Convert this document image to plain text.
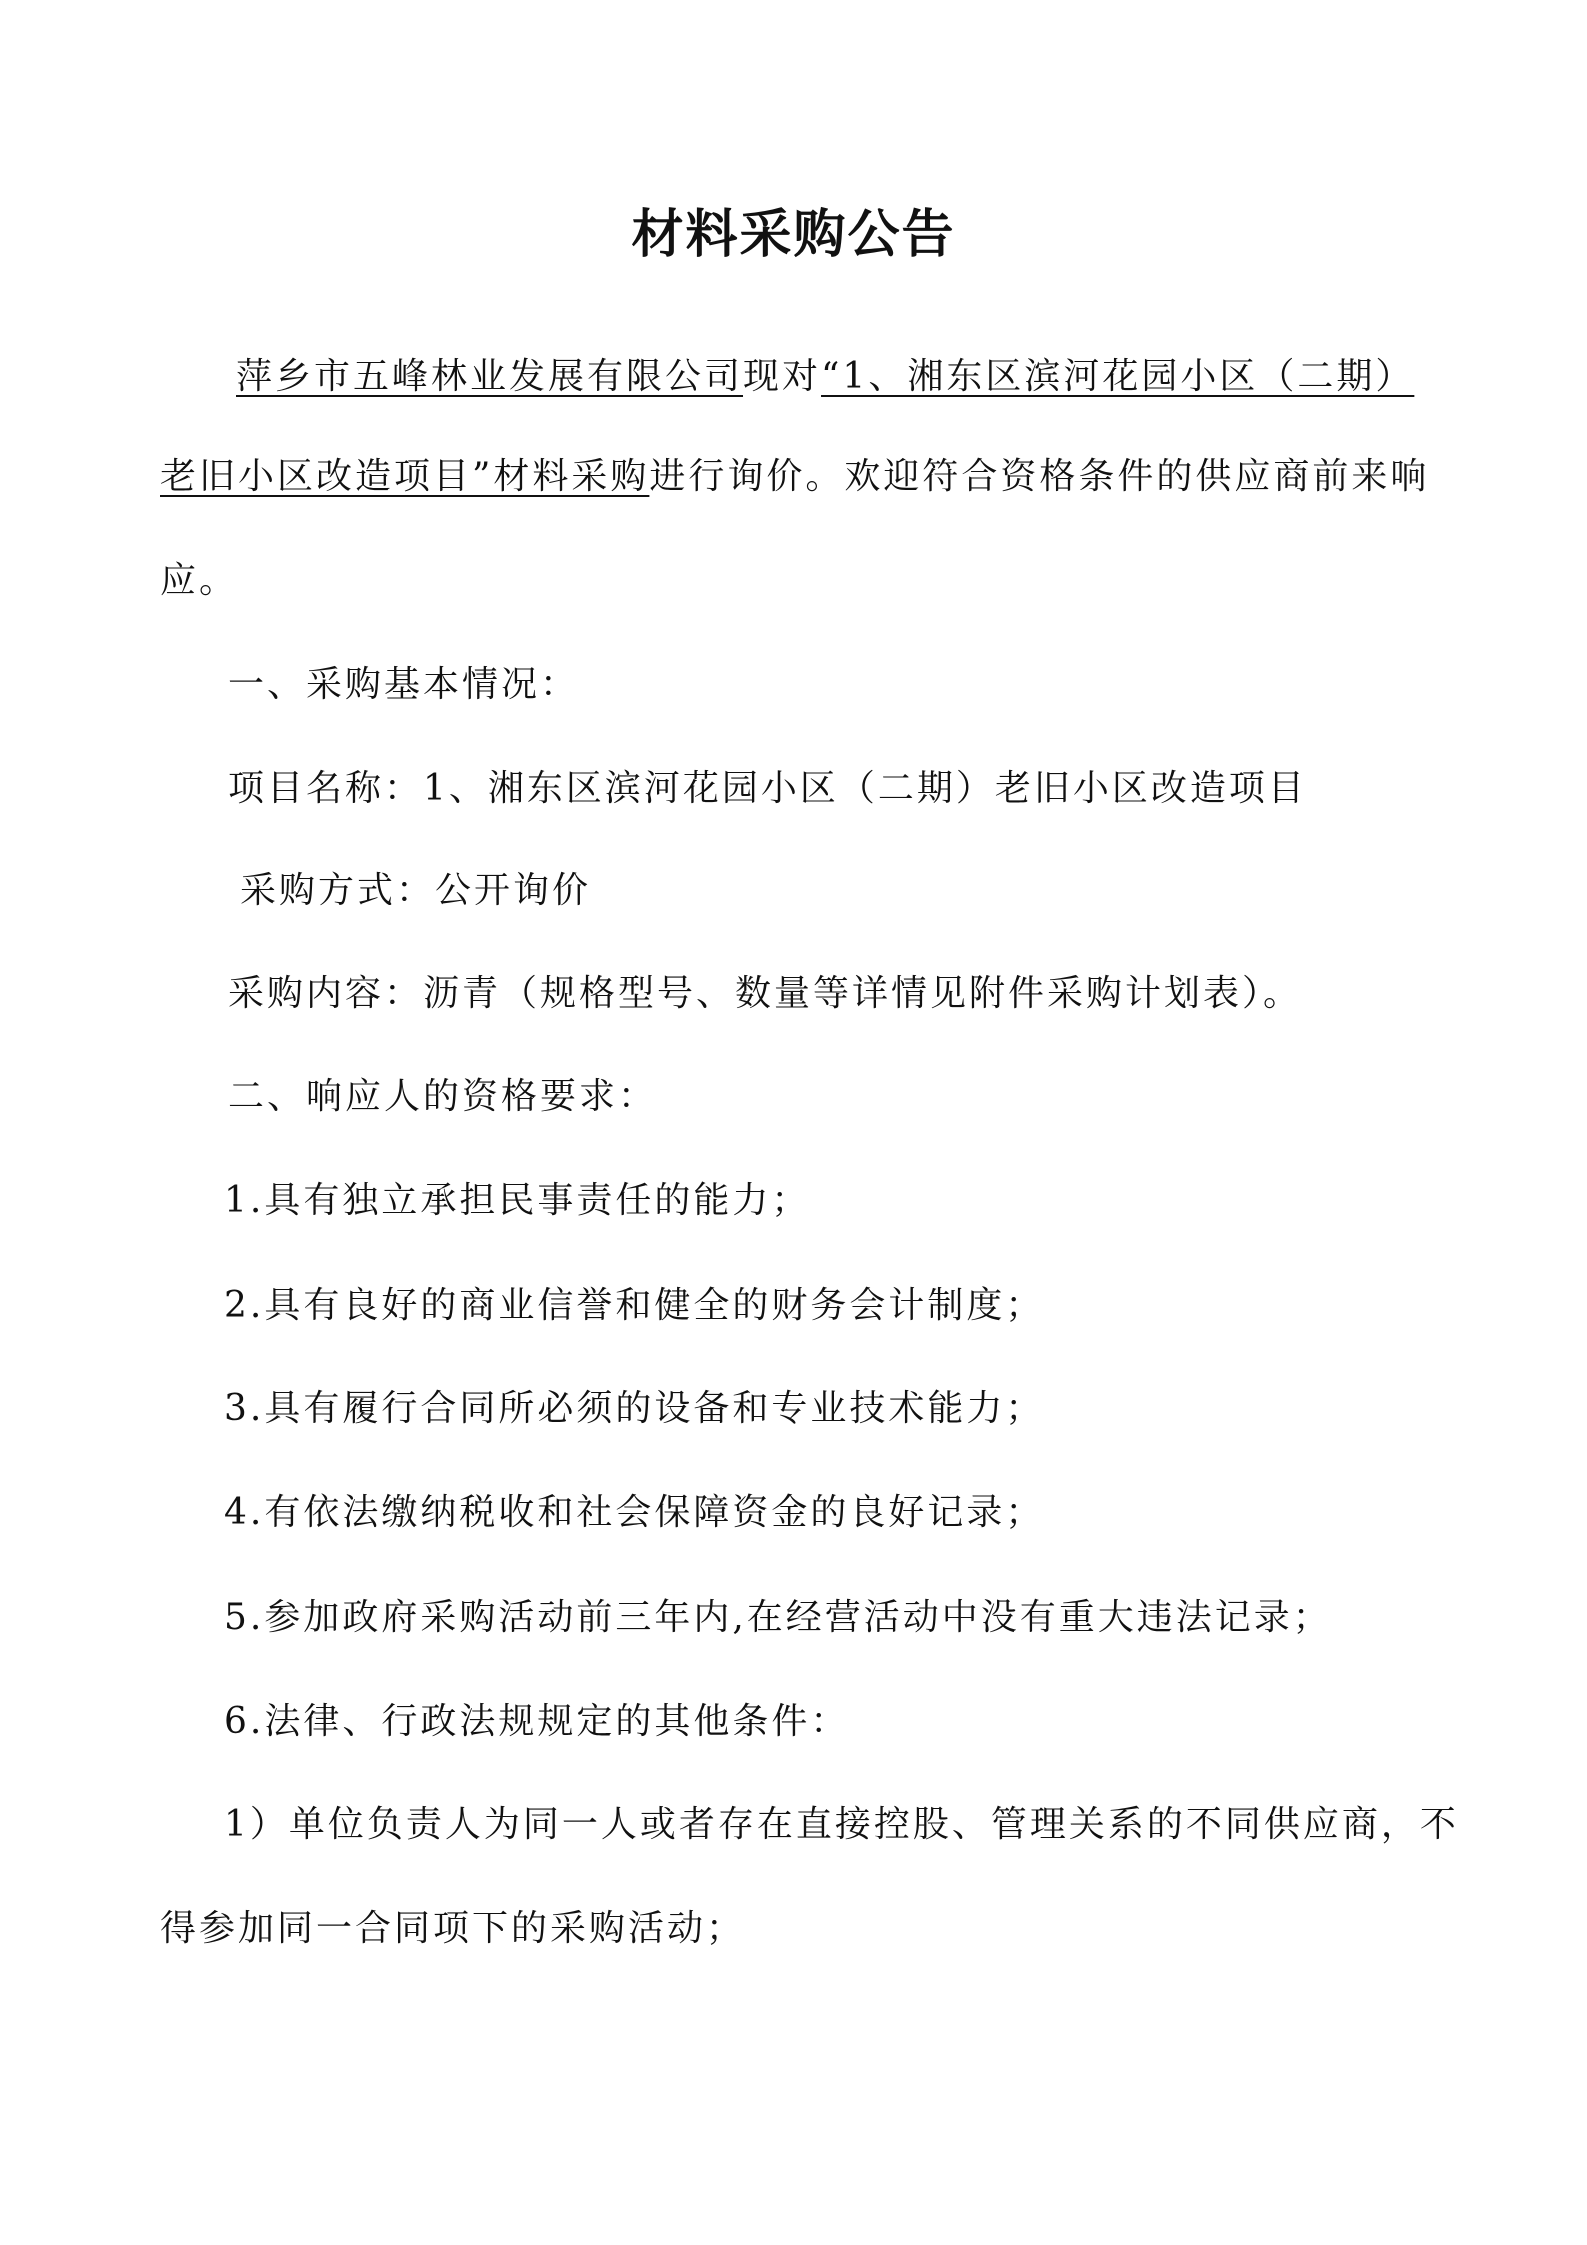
材料采购公告
萍乡市五峰林业发展有限公司现对“1、湘东区滨河花园小区（二期）
老旧小区改造项目”材料采购进行询价。欢迎符合资格条件的供应商前来响
应。
一、采购基本情况：
项目名称：1、湘东区滨河花园小区（二期）老旧小区改造项目
采购方式：公开询价
采购内容：沥青（规格型号、数量等详情见附件采购计划表）。
二、响应人的资格要求：
1.具有独立承担民事责任的能力；
2.具有良好的商业信誉和健全的财务会计制度；
3.具有履行合同所必须的设备和专业技术能力；
4.有依法缴纳税收和社会保障资金的良好记录；
5.参加政府采购活动前三年内,在经营活动中没有重大违法记录；
6.法律、行政法规规定的其他条件：
1）单位负责人为同一人或者存在直接控股、管理关系的不同供应商，不
得参加同一合同项下的采购活动；
